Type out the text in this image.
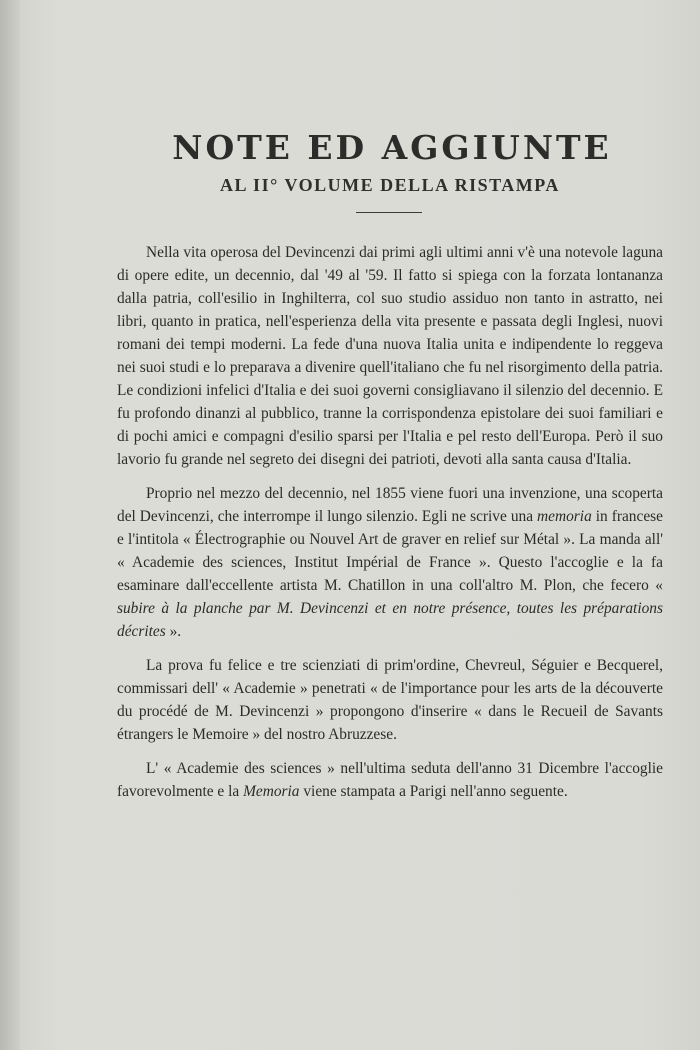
NOTE ED AGGIUNTE
AL II° VOLUME DELLA RISTAMPA

Nella vita operosa del Devincenzi dai primi agli ultimi anni v'è una notevole laguna di opere edite, un decennio, dal '49 al '59. Il fatto si spiega con la forzata lontananza dalla patria, coll'esilio in Inghilterra, col suo studio assiduo non tanto in astratto, nei libri, quanto in pratica, nell'esperienza della vita presente e passata degli Inglesi, nuovi romani dei tempi moderni. La fede d'una nuova Italia unita e indipendente lo reggeva nei suoi studi e lo preparava a divenire quell'italiano che fu nel risorgimento della patria. Le condizioni infelici d'Italia e dei suoi governi consigliavano il silenzio del decennio. E fu profondo dinanzi al pubblico, tranne la corrispondenza epistolare dei suoi familiari e di pochi amici e compagni d'esilio sparsi per l'Italia e pel resto dell'Europa. Però il suo lavorio fu grande nel segreto dei disegni dei patrioti, devoti alla santa causa d'Italia.

Proprio nel mezzo del decennio, nel 1855 viene fuori una invenzione, una scoperta del Devincenzi, che interrompe il lungo silenzio. Egli ne scrive una memoria in francese e l'intitola « Électrographie ou Nouvel Art de graver en relief sur Métal ». La manda all' « Academie des sciences, Institut Impérial de France ». Questo l'accoglie e la fa esaminare dall'eccellente artista M. Chatillon in una coll'altro M. Plon, che fecero « subire à la planche par M. Devincenzi et en notre présence, toutes les préparations décrites ».

La prova fu felice e tre scienziati di prim'ordine, Chevreul, Séguier e Becquerel, commissari dell' « Academie » penetrati « de l'importance pour les arts de la découverte du procédé de M. Devincenzi » propongono d'inserire « dans le Recueil de Savants étrangers le Memoire » del nostro Abruzzese.

L' « Academie des sciences » nell'ultima seduta dell'anno 31 Dicembre l'accoglie favorevolmente e la Memoria viene stampata a Parigi nell'anno seguente.
